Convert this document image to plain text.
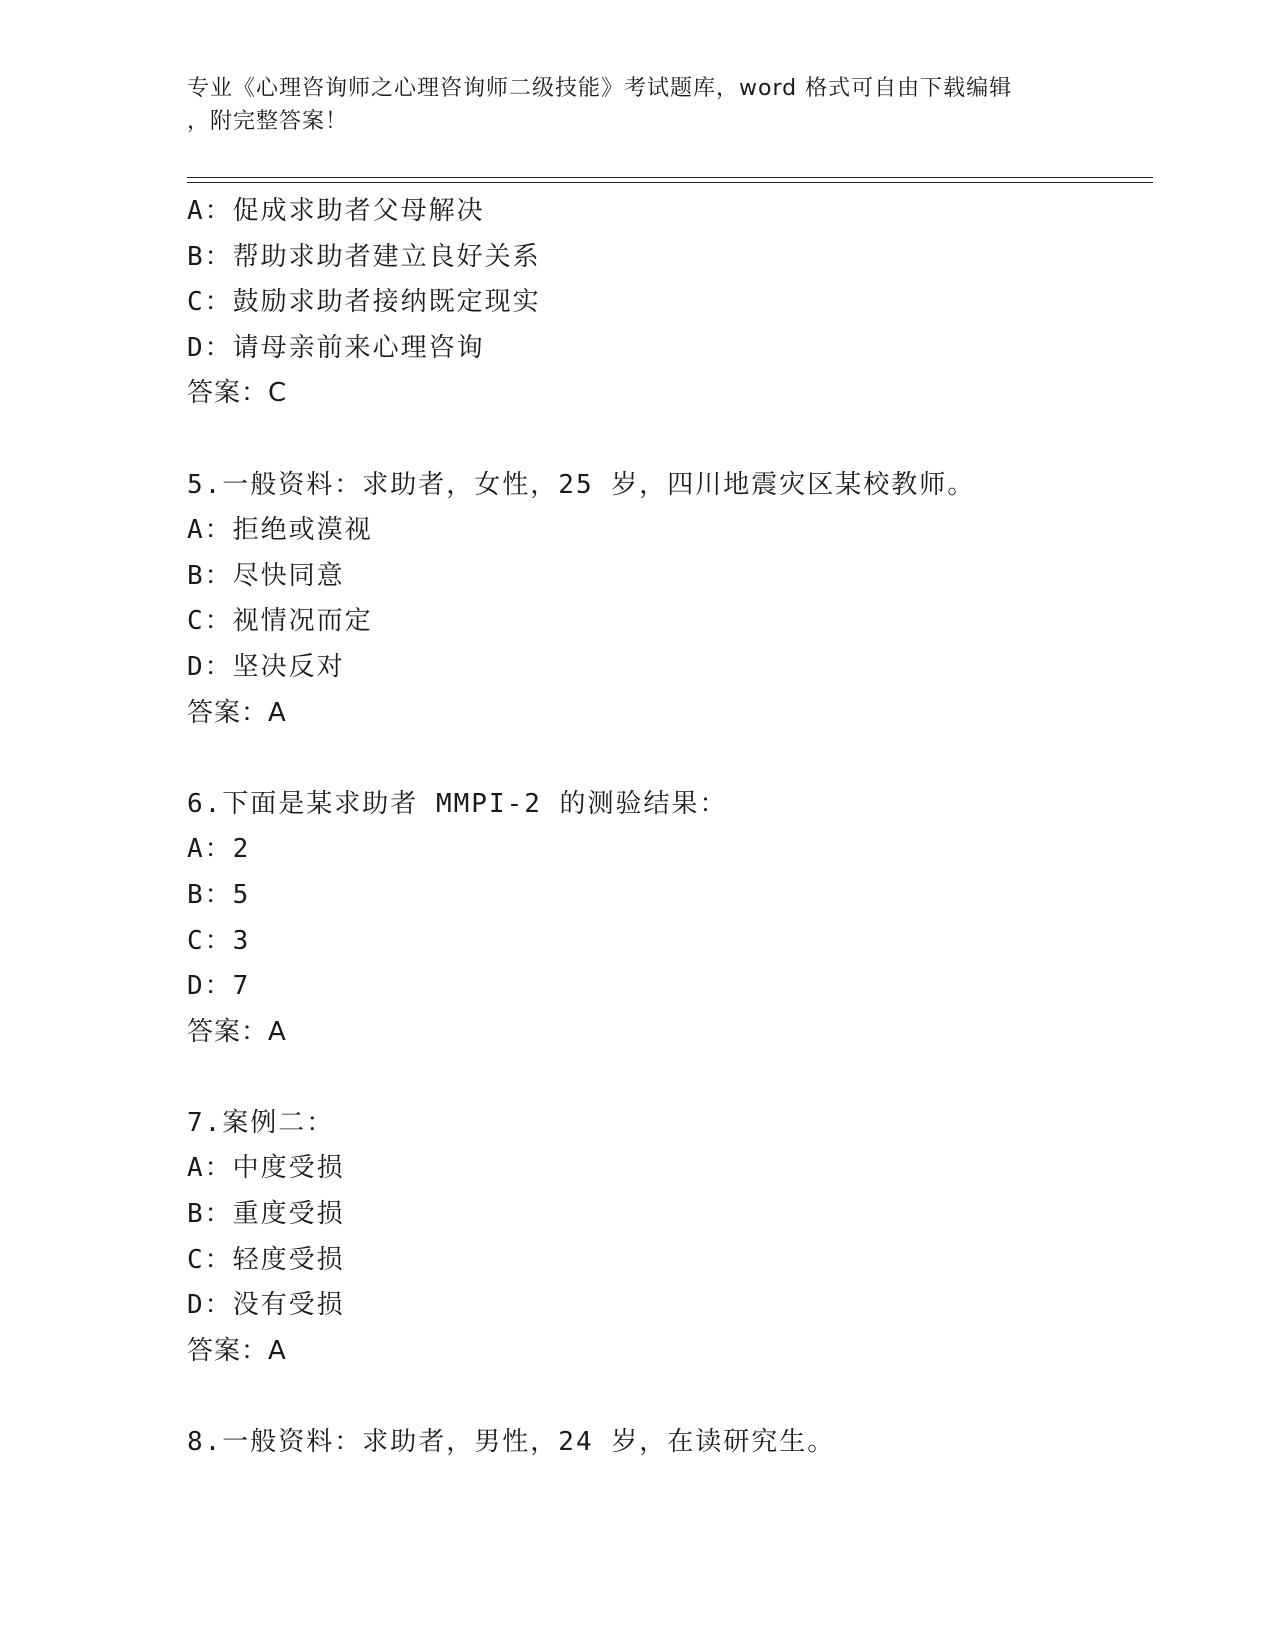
专业《心理咨询师之心理咨询师二级技能》考试题库，word 格式可自由下载编辑
，附完整答案！
A：促成求助者父母解决
B：帮助求助者建立良好关系
C：鼓励求助者接纳既定现实
D：请母亲前来心理咨询
答案：C
5.一般资料：求助者，女性，25 岁，四川地震灾区某校教师。
A：拒绝或漠视
B：尽快同意
C：视情况而定
D：坚决反对
答案：A
6.下面是某求助者 MMPI-2 的测验结果：
A：2
B：5
C：3
D：7
答案：A
7.案例二：
A：中度受损
B：重度受损
C：轻度受损
D：没有受损
答案：A
8.一般资料：求助者，男性，24 岁，在读研究生。
